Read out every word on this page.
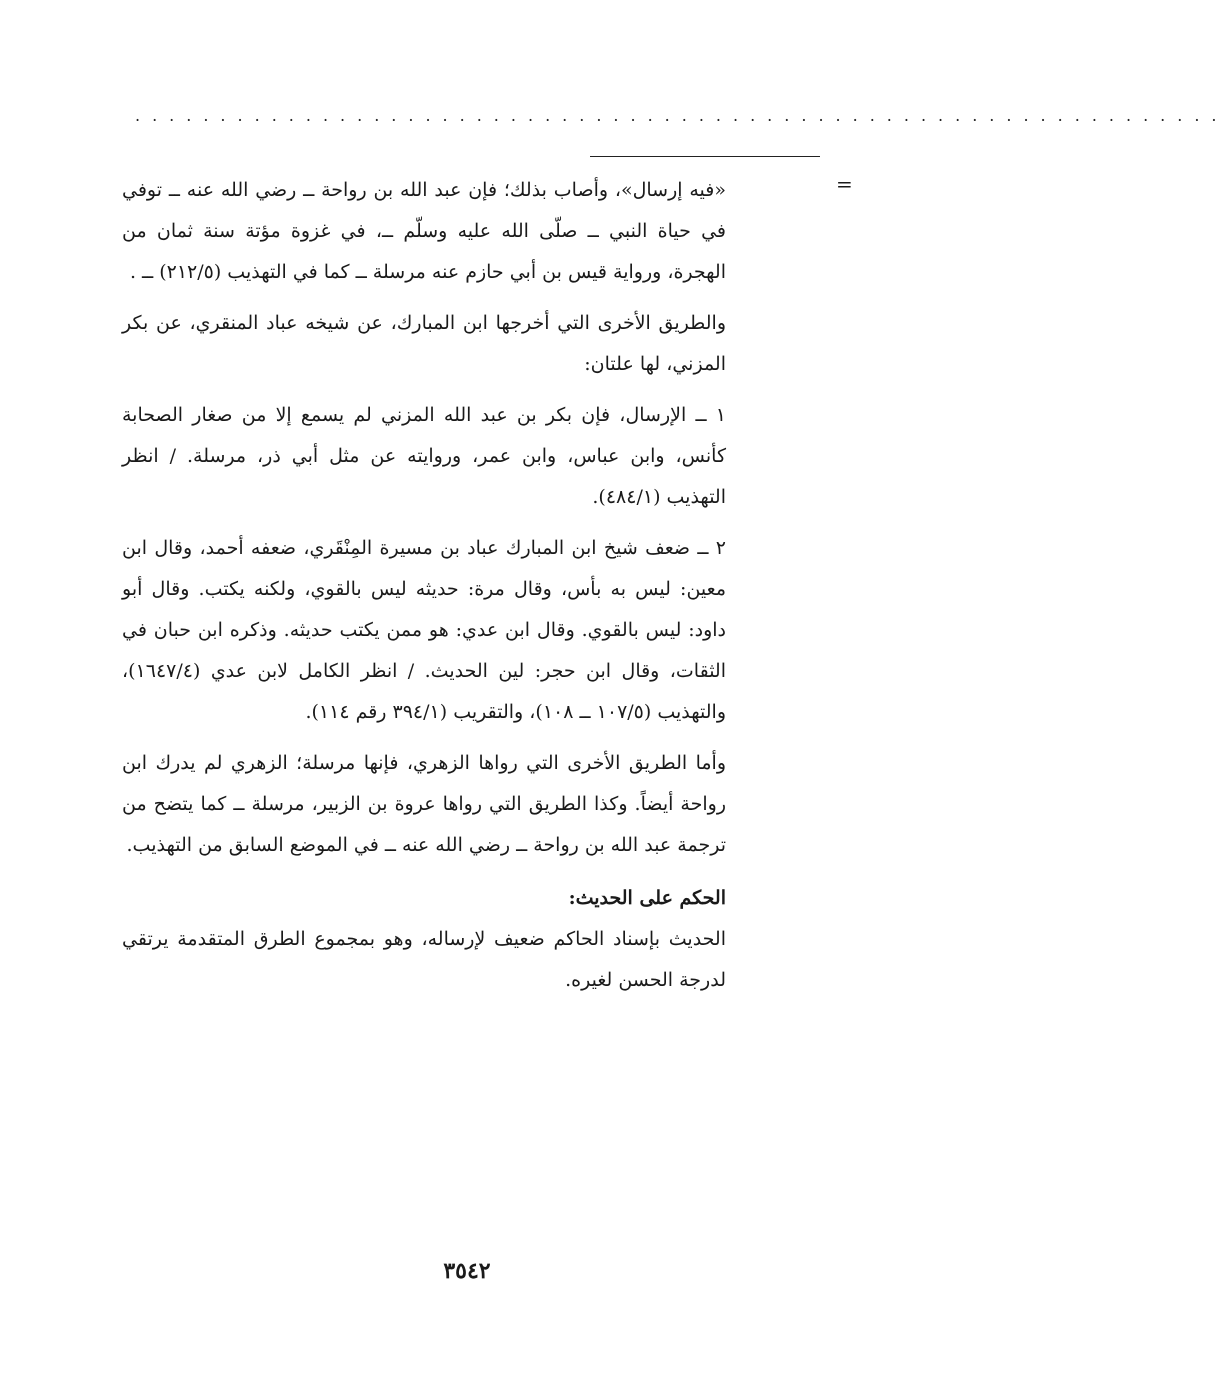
................................................................
=

«فيه إرسال»، وأصاب بذلك؛ فإن عبد الله بن رواحة ــ رضي الله عنه ــ توفي في حياة النبي ــ صلّى الله عليه وسلّم ــ، في غزوة مؤتة سنة ثمان من الهجرة، ورواية قيس بن أبي حازم عنه مرسلة ــ كما في التهذيب (٢١٢/٥) ــ .

والطريق الأخرى التي أخرجها ابن المبارك، عن شيخه عباد المنقري، عن بكر المزني، لها علتان:

١ ــ الإرسال، فإن بكر بن عبد الله المزني لم يسمع إلا من صغار الصحابة كأنس، وابن عباس، وابن عمر، وروايته عن مثل أبي ذر، مرسلة. / انظر التهذيب (٤٨٤/١).

٢ ــ ضعف شيخ ابن المبارك عباد بن مسيرة المِنْقَري، ضعفه أحمد، وقال ابن معين: ليس به بأس، وقال مرة: حديثه ليس بالقوي، ولكنه يكتب. وقال أبو داود: ليس بالقوي. وقال ابن عدي: هو ممن يكتب حديثه. وذكره ابن حبان في الثقات، وقال ابن حجر: لين الحديث. / انظر الكامل لابن عدي (١٦٤٧/٤)، والتهذيب (١٠٧/٥ ــ ١٠٨)، والتقريب (٣٩٤/١ رقم ١١٤).

وأما الطريق الأخرى التي رواها الزهري، فإنها مرسلة؛ الزهري لم يدرك ابن رواحة أيضاً. وكذا الطريق التي رواها عروة بن الزبير، مرسلة ــ كما يتضح من ترجمة عبد الله بن رواحة ــ رضي الله عنه ــ في الموضع السابق من التهذيب.

الحكم على الحديث:

الحديث بإسناد الحاكم ضعيف لإرساله، وهو بمجموع الطرق المتقدمة يرتقي لدرجة الحسن لغيره.

٣٥٤٢
